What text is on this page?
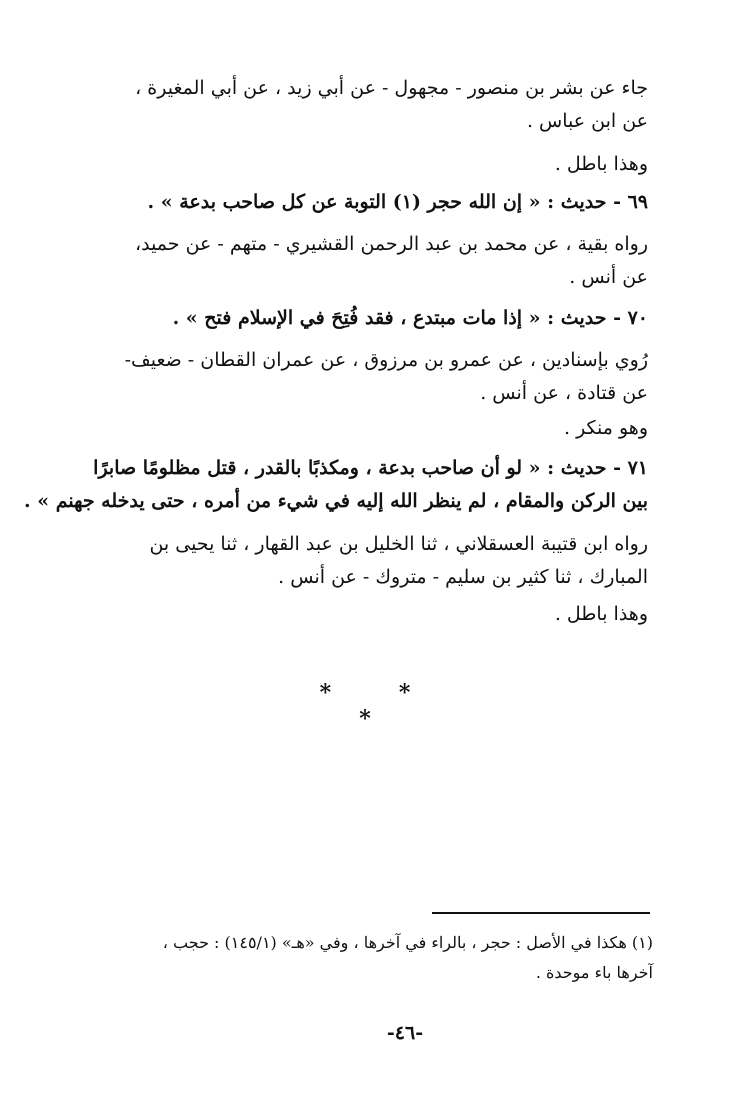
جاء عن بشر بن منصور - مجهول - عن أبي زيد ، عن أبي المغيرة ،
عن ابن عباس .
وهذا باطل .
٦٩ - حديث : « إن الله حجر (١) التوبة عن كل صاحب بدعة » .
رواه بقية ، عن محمد بن عبد الرحمن القشيري - متهم - عن حميد،
عن أنس .
٧٠ - حديث : « إذا مات مبتدع ، فقد فُتِحَ في الإسلام فتح » .
رُوي بإسنادين ، عن عمرو بن مرزوق ، عن عمران القطان - ضعيف-
عن قتادة ، عن أنس .
وهو منكر .
٧١ - حديث : « لو أن صاحب بدعة ، ومكذبًا بالقدر ، قتل مظلومًا صابرًا
بين الركن والمقام ، لم ينظر الله إليه في شيء من أمره ، حتى يدخله جهنم » .
رواه ابن قتيبة العسقلاني ، ثنا الخليل بن عبد القهار ، ثنا يحيى بن
المبارك ، ثنا كثير بن سليم - متروك - عن أنس .
وهذا باطل .
* * *
(١) هكذا في الأصل : حجر ، بالراء في آخرها ، وفي «هـ» (١٤٥/١) : حجب ،
آخرها باء موحدة .
-٤٦-
